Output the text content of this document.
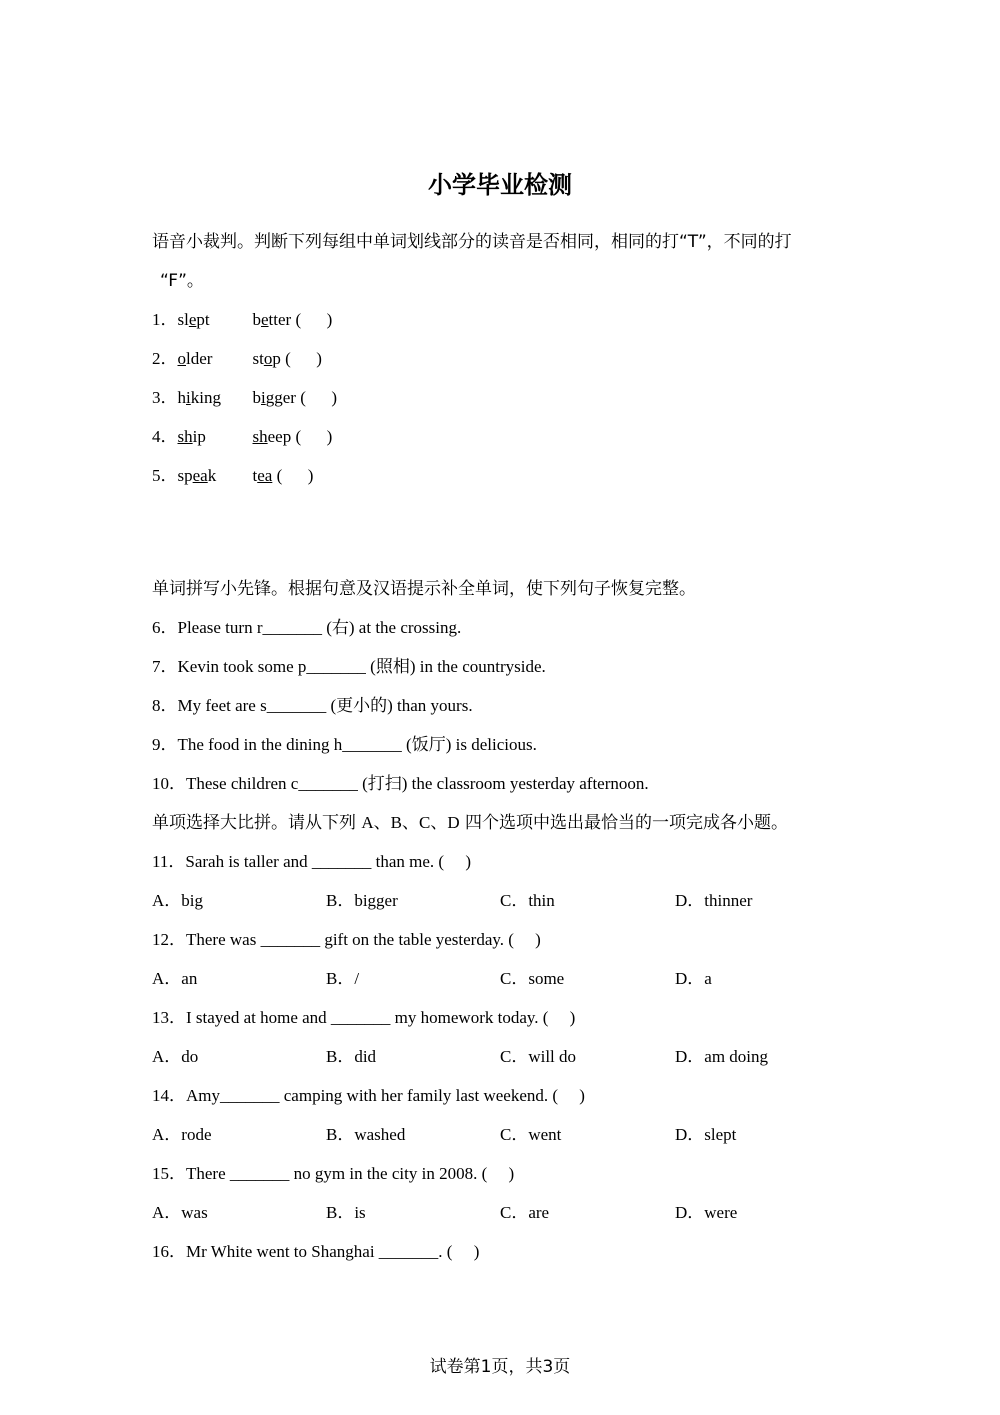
小学毕业检测
语音小裁判。判断下列每组中单词划线部分的读音是否相同，相同的打“T”，不同的打
“F”。
1．slept	better (      )
2．older stop (      )
3．hiking bigger (      )
4．ship	sheep (      )
5．speak tea (      )
单词拼写小先锋。根据句意及汉语提示补全单词，使下列句子恢复完整。
6．Please turn r_______ (右) at the crossing.
7．Kevin took some p_______ (照相) in the countryside.
8．My feet are s_______ (更小的) than yours.
9．The food in the dining h_______ (饭厅) is delicious.
10．These children c_______ (打扫) the classroom yesterday afternoon.
单项选择大比拼。请从下列 A、B、C、D 四个选项中选出最恰当的一项完成各小题。
11．Sarah is taller and _______ than me. (     )
A．big	B．bigger	C．thin	D．thinner
12．There was _______ gift on the table yesterday. (     )
A．an	B．/	C．some	D．a
13．I stayed at home and _______ my homework today. (     )
A．do	B．did	C．will do	D．am doing
14．Amy_______ camping with her family last weekend. (     )
A．rode	B．washed	C．went	D．slept
15．There _______ no gym in the city in 2008. (     )
A．was	B．is	C．are	D．were
16．Mr White went to Shanghai _______. (     )
试卷第1页，共3页
